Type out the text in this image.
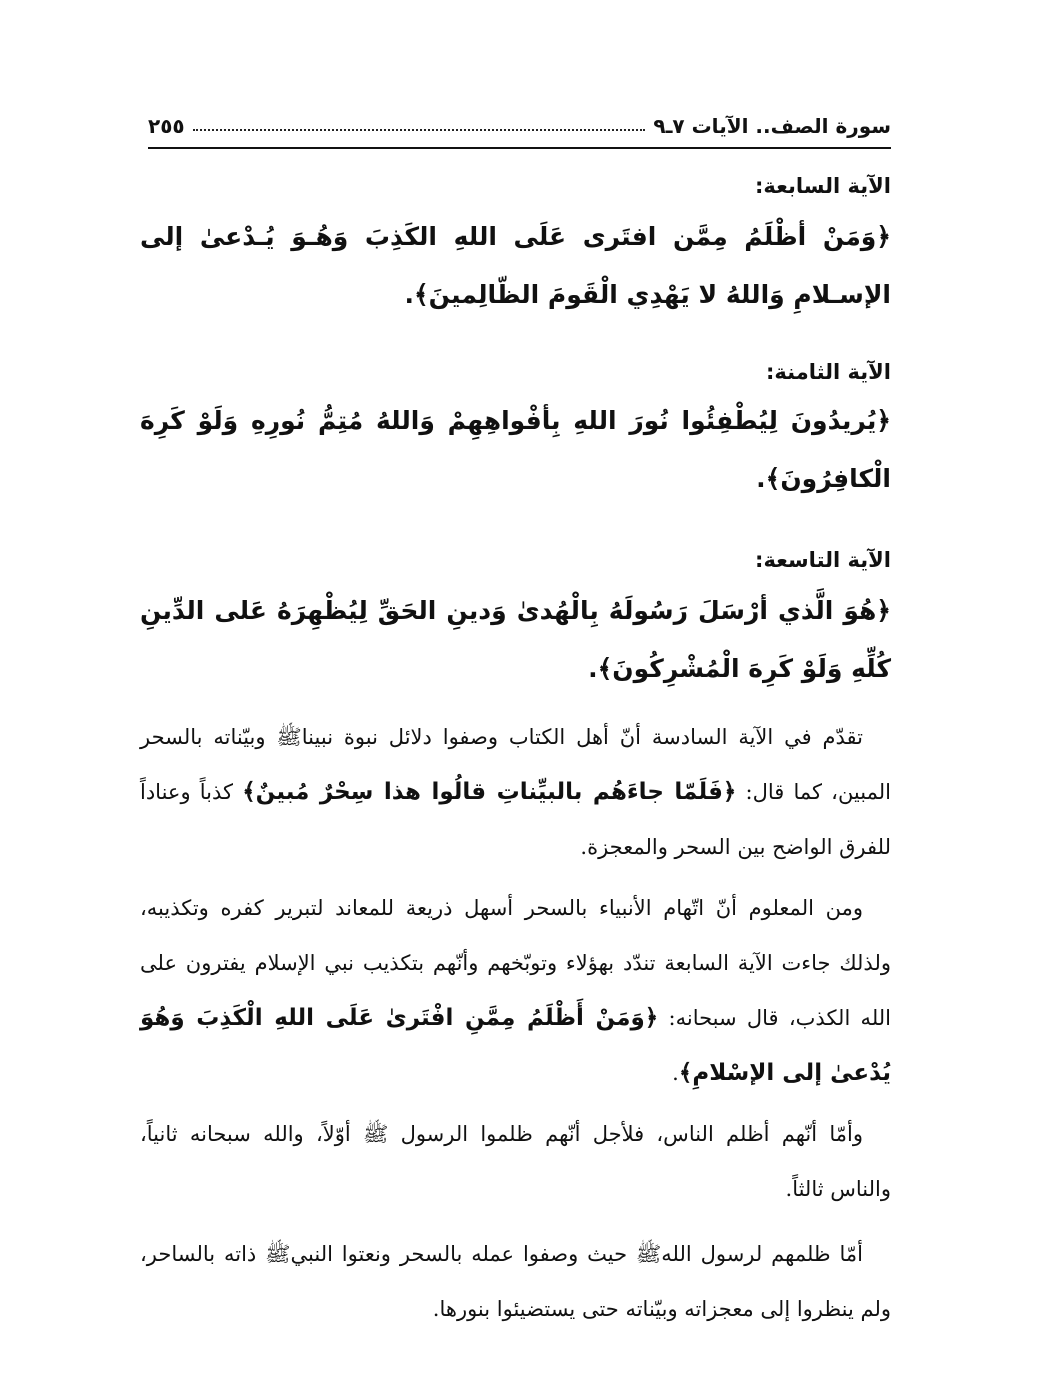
سورة الصف.. الآيات ٧ـ٩
٢٥٥

الآية السابعة:

﴿وَمَنْ أظْلَمُ مِمَّن افتَرى عَلَى اللهِ الكَذِبَ وَهُـوَ يُـدْعىٰ إلى الإسـلامِ وَاللهُ لا يَهْدِي الْقَومَ الظّالِمينَ﴾.

الآية الثامنة:

﴿يُريدُونَ لِيُطْفِئُوا نُورَ اللهِ بِأفْواهِهِمْ وَاللهُ مُتِمُّ نُورِهِ وَلَوْ كَرِهَ الْكافِرُونَ﴾.

الآية التاسعة:

﴿هُوَ الَّذي أرْسَلَ رَسُولَهُ بِالْهُدىٰ وَدينِ الحَقِّ لِيُظْهِرَهُ عَلى الدِّينِ كُلِّهِ وَلَوْ كَرِهَ الْمُشْرِكُونَ﴾.

تقدّم في الآية السادسة أنّ أهل الكتاب وصفوا دلائل نبوة نبيناﷺ وبيّناته بالسحر المبين، كما قال: ﴿فَلَمّا جاءَهُم بالبيِّناتِ قالُوا هذا سِحْرٌ مُبينٌ﴾ كذباً وعناداً للفرق الواضح بين السحر والمعجزة.

ومن المعلوم أنّ اتّهام الأنبياء بالسحر أسهل ذريعة للمعاند لتبرير كفره وتكذيبه، ولذلك جاءت الآية السابعة تندّد بهؤلاء وتوبّخهم وأنّهم بتكذيب نبي الإسلام يفترون على الله الكذب، قال سبحانه: ﴿وَمَنْ أَظْلَمُ مِمَّنِ افْتَرىٰ عَلَى اللهِ الْكَذِبَ وَهُوَ يُدْعىٰ إلى الإسْلامِ﴾.

وأمّا أنّهم أظلم الناس، فلأجل أنّهم ظلموا الرسول ﷺ أوّلاً، والله سبحانه ثانياً، والناس ثالثاً.

أمّا ظلمهم لرسول اللهﷺ حيث وصفوا عمله بالسحر ونعتوا النبيﷺ ذاته بالساحر، ولم ينظروا إلى معجزاته وبيّناته حتى يستضيئوا بنورها.
